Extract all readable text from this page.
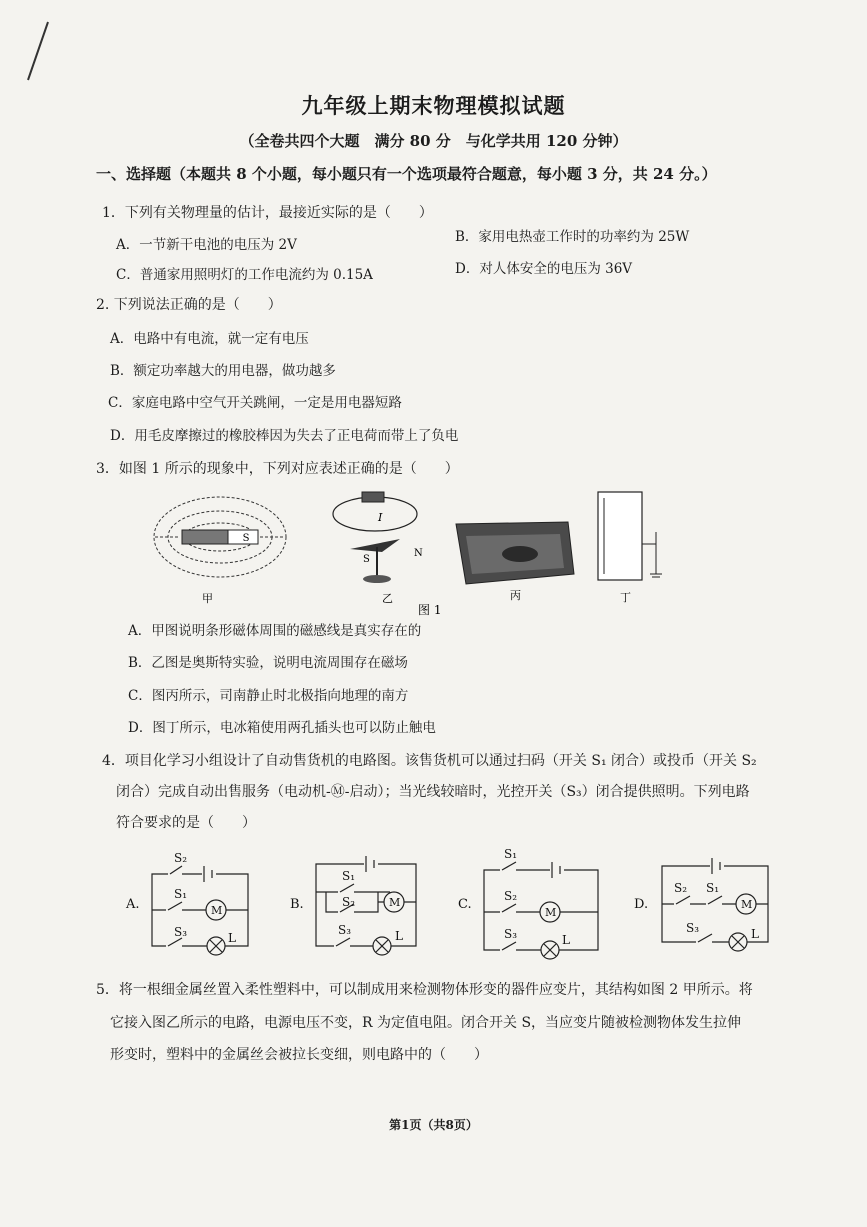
九年级上期末物理模拟试题
（全卷共四个大题　满分 80 分　与化学共用 120 分钟）
一、选择题（本题共 8 个小题，每小题只有一个选项最符合题意，每小题 3 分，共 24 分。）
1．下列有关物理量的估计，最接近实际的是（　　）
A．一节新干电池的电压为 2V	B．家用电热壶工作时的功率约为 25W
C．普通家用照明灯的工作电流约为 0.15A	D．对人体安全的电压为 36V
2. 下列说法正确的是（　　）
A．电路中有电流，就一定有电压
B．额定功率越大的用电器，做功越多
C．家庭电路中空气开关跳闸，一定是用电器短路
D．用毛皮摩擦过的橡胶棒因为失去了正电荷而带上了负电
3．如图 1 所示的现象中，下列对应表述正确的是（　　）
S
I
S
N
甲	乙	丙	丁
图 1
A．甲图说明条形磁体周围的磁感线是真实存在的
B．乙图是奥斯特实验，说明电流周围存在磁场
C．图丙所示，司南静止时北极指向地理的南方
D．图丁所示，电冰箱使用两孔插头也可以防止触电
4．项目化学习小组设计了自动售货机的电路图。该售货机可以通过扫码（开关 S₁ 闭合）或投币（开关 S₂
闭合）完成自动出售服务（电动机-Ⓜ-启动）；当光线较暗时，光控开关（S₃）闭合提供照明。下列电路
符合要求的是（　　）
A.
S₂
S₁
M
S₃	L
B.
S₁
S₂	M
S₃	L
C.
S₁
S₂
M
S₃	L
D.
S₂ S₁
M
S₃	L
5．将一根细金属丝置入柔性塑料中，可以制成用来检测物体形变的器件应变片，其结构如图 2 甲所示。将
它接入图乙所示的电路，电源电压不变，R 为定值电阻。闭合开关 S，当应变片随被检测物体发生拉伸
形变时，塑料中的金属丝会被拉长变细，则电路中的（　　）
第1页（共8页）
